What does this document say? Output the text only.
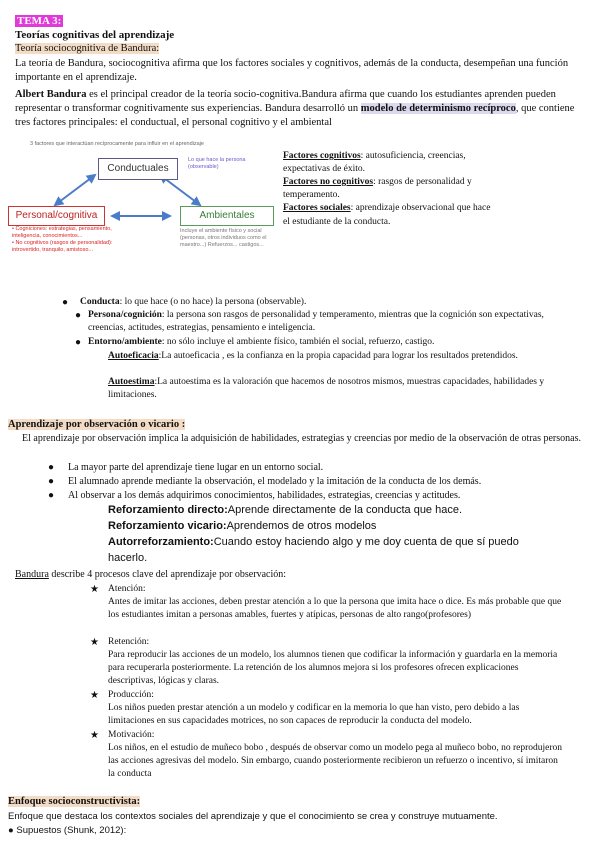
TEMA 3:
Teorías cognitivas del aprendizaje
Teoría sociocognitiva de Bandura:

La teoría de Bandura, sociocognitiva afirma que los factores sociales y cognitivos, además de la conducta, desempeñan una función importante en el aprendizaje.

Albert Bandura es el principal creador de la teoría socio-cognitiva.Bandura afirma que cuando los estudiantes aprenden pueden representar o transformar cognitivamente sus experiencias. Bandura desarrolló un modelo de determinismo recíproco, que contiene tres factores principales: el conductual, el personal cognitivo y el ambiental

3 factores que interactúan recíprocamente para influir en el aprendizaje
Conductuales
Personal/cognitiva	Ambientales
Lo que hace la persona (observable)
• Cogniciones: estrategias, pensamiento, inteligencia, conocimientos...
• No cognitivos (rasgos de personalidad): introvertido, tranquilo, amistoso...
Incluye el ambiente físico y social (personas, otros individuos como el maestro...) Refuerzos... castigos...

Factores cognitivos: autosuficiencia, creencias, expectativas de éxito.

Factores no cognitivos: rasgos de personalidad y temperamento.

Factores sociales: aprendizaje observacional que hace el estudiante de la conducta.

● Conducta: lo que hace (o no hace) la persona (observable).

● Persona/cognición: la persona son rasgos de personalidad y temperamento, mientras que la cognición son expectativas, creencias, actitudes, estrategias, pensamiento e inteligencia.

● Entorno/ambiente: no sólo incluye el ambiente físico, también el social, refuerzo, castigo.

Autoeficacia:La autoeficacia , es la confianza en la propia capacidad para lograr los resultados pretendidos.

Autoestima:La autoestima es la valoración que hacemos de nosotros mismos, muestras capacidades, habilidades y limitaciones.

Aprendizaje por observación o vicario :

El aprendizaje por observación implica la adquisición de habilidades, estrategias y creencias por medio de la observación de otras personas.

● La mayor parte del aprendizaje tiene lugar en un entorno social.

● El alumnado aprende mediante la observación, el modelado y la imitación de la conducta de los demás.

● Al observar a los demás adquirimos conocimientos, habilidades, estrategias, creencias y actitudes.

Reforzamiento directo:Aprende directamente de la conducta que hace.

Reforzamiento vicario:Aprendemos de otros modelos

Autorreforzamiento:Cuando estoy haciendo algo y me doy cuenta de que sí puedo hacerlo.

Bandura describe 4 procesos clave del aprendizaje por observación:

★ Atención:

Antes de imitar las acciones, deben prestar atención a lo que la persona que imita hace o dice. Es más probable que que los estudiantes imitan a personas amables, fuertes y atípicas, personas de alto rango(profesores)

★ Retención:

Para reproducir las acciones de un modelo, los alumnos tienen que codificar la información y guardarla en la memoria para recuperarla posteriormente. La retención de los alumnos mejora si los profesores ofrecen explicaciones descriptivas, lógicas y claras.

★ Producción:

Los niños pueden prestar atención a un modelo y codificar en la memoria lo que han visto, pero debido a las limitaciones en sus capacidades motrices, no son capaces de reproducir la conducta del modelo.

★ Motivación:

Los niños, en el estudio de muñeco bobo , después de observar como un modelo pega al muñeco bobo, no reprodujeron las acciones agresivas del modelo. Sin embargo, cuando posteriormente recibieron un refuerzo o incentivo, sí imitaron la conducta

Enfoque socioconstructivista:

Enfoque que destaca los contextos sociales del aprendizaje y que el conocimiento se crea y construye mutuamente.

● Supuestos (Shunk, 2012):
